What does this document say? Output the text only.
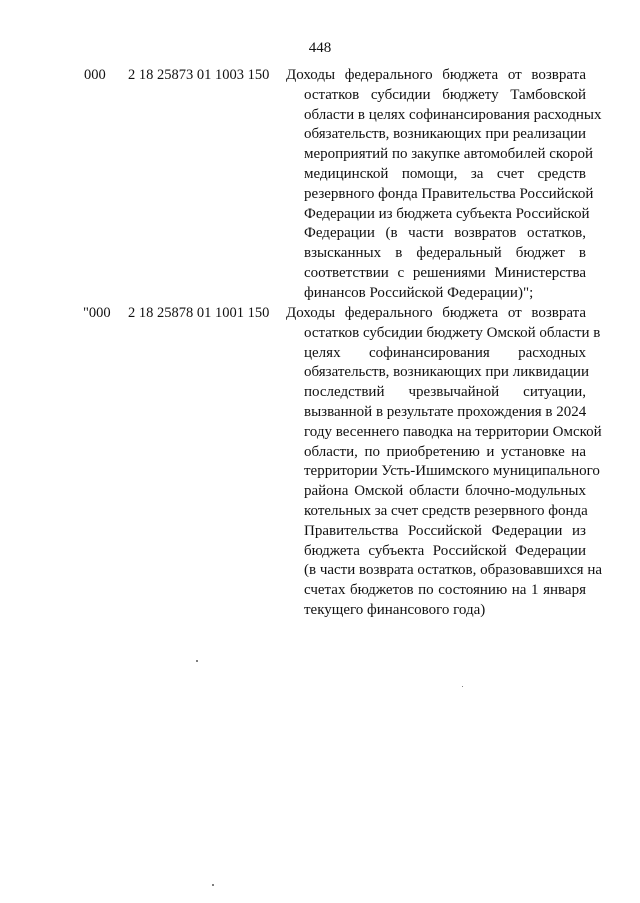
448
000 2 18 25873 01 1003 150 Доходы федерального бюджета от возврата
остатков субсидии бюджету Тамбовской
области в целях софинансирования расходных
обязательств, возникающих при реализации
мероприятий по закупке автомобилей скорой
медицинской помощи, за счет средств
резервного фонда Правительства Российской
Федерации из бюджета субъекта Российской
Федерации (в части возвратов остатков,
взысканных в федеральный бюджет в
соответствии с решениями Министерства
финансов Российской Федерации)";
"000 2 18 25878 01 1001 150 Доходы федерального бюджета от возврата
остатков субсидии бюджету Омской области в
целях софинансирования расходных
обязательств, возникающих при ликвидации
последствий чрезвычайной ситуации,
вызванной в результате прохождения в 2024
году весеннего паводка на территории Омской
области, по приобретению и установке на
территории Усть-Ишимского муниципального
района Омской области блочно-модульных
котельных за счет средств резервного фонда
Правительства Российской Федерации из
бюджета субъекта Российской Федерации
(в части возврата остатков, образовавшихся на
счетах бюджетов по состоянию на 1 января
текущего финансового года)
